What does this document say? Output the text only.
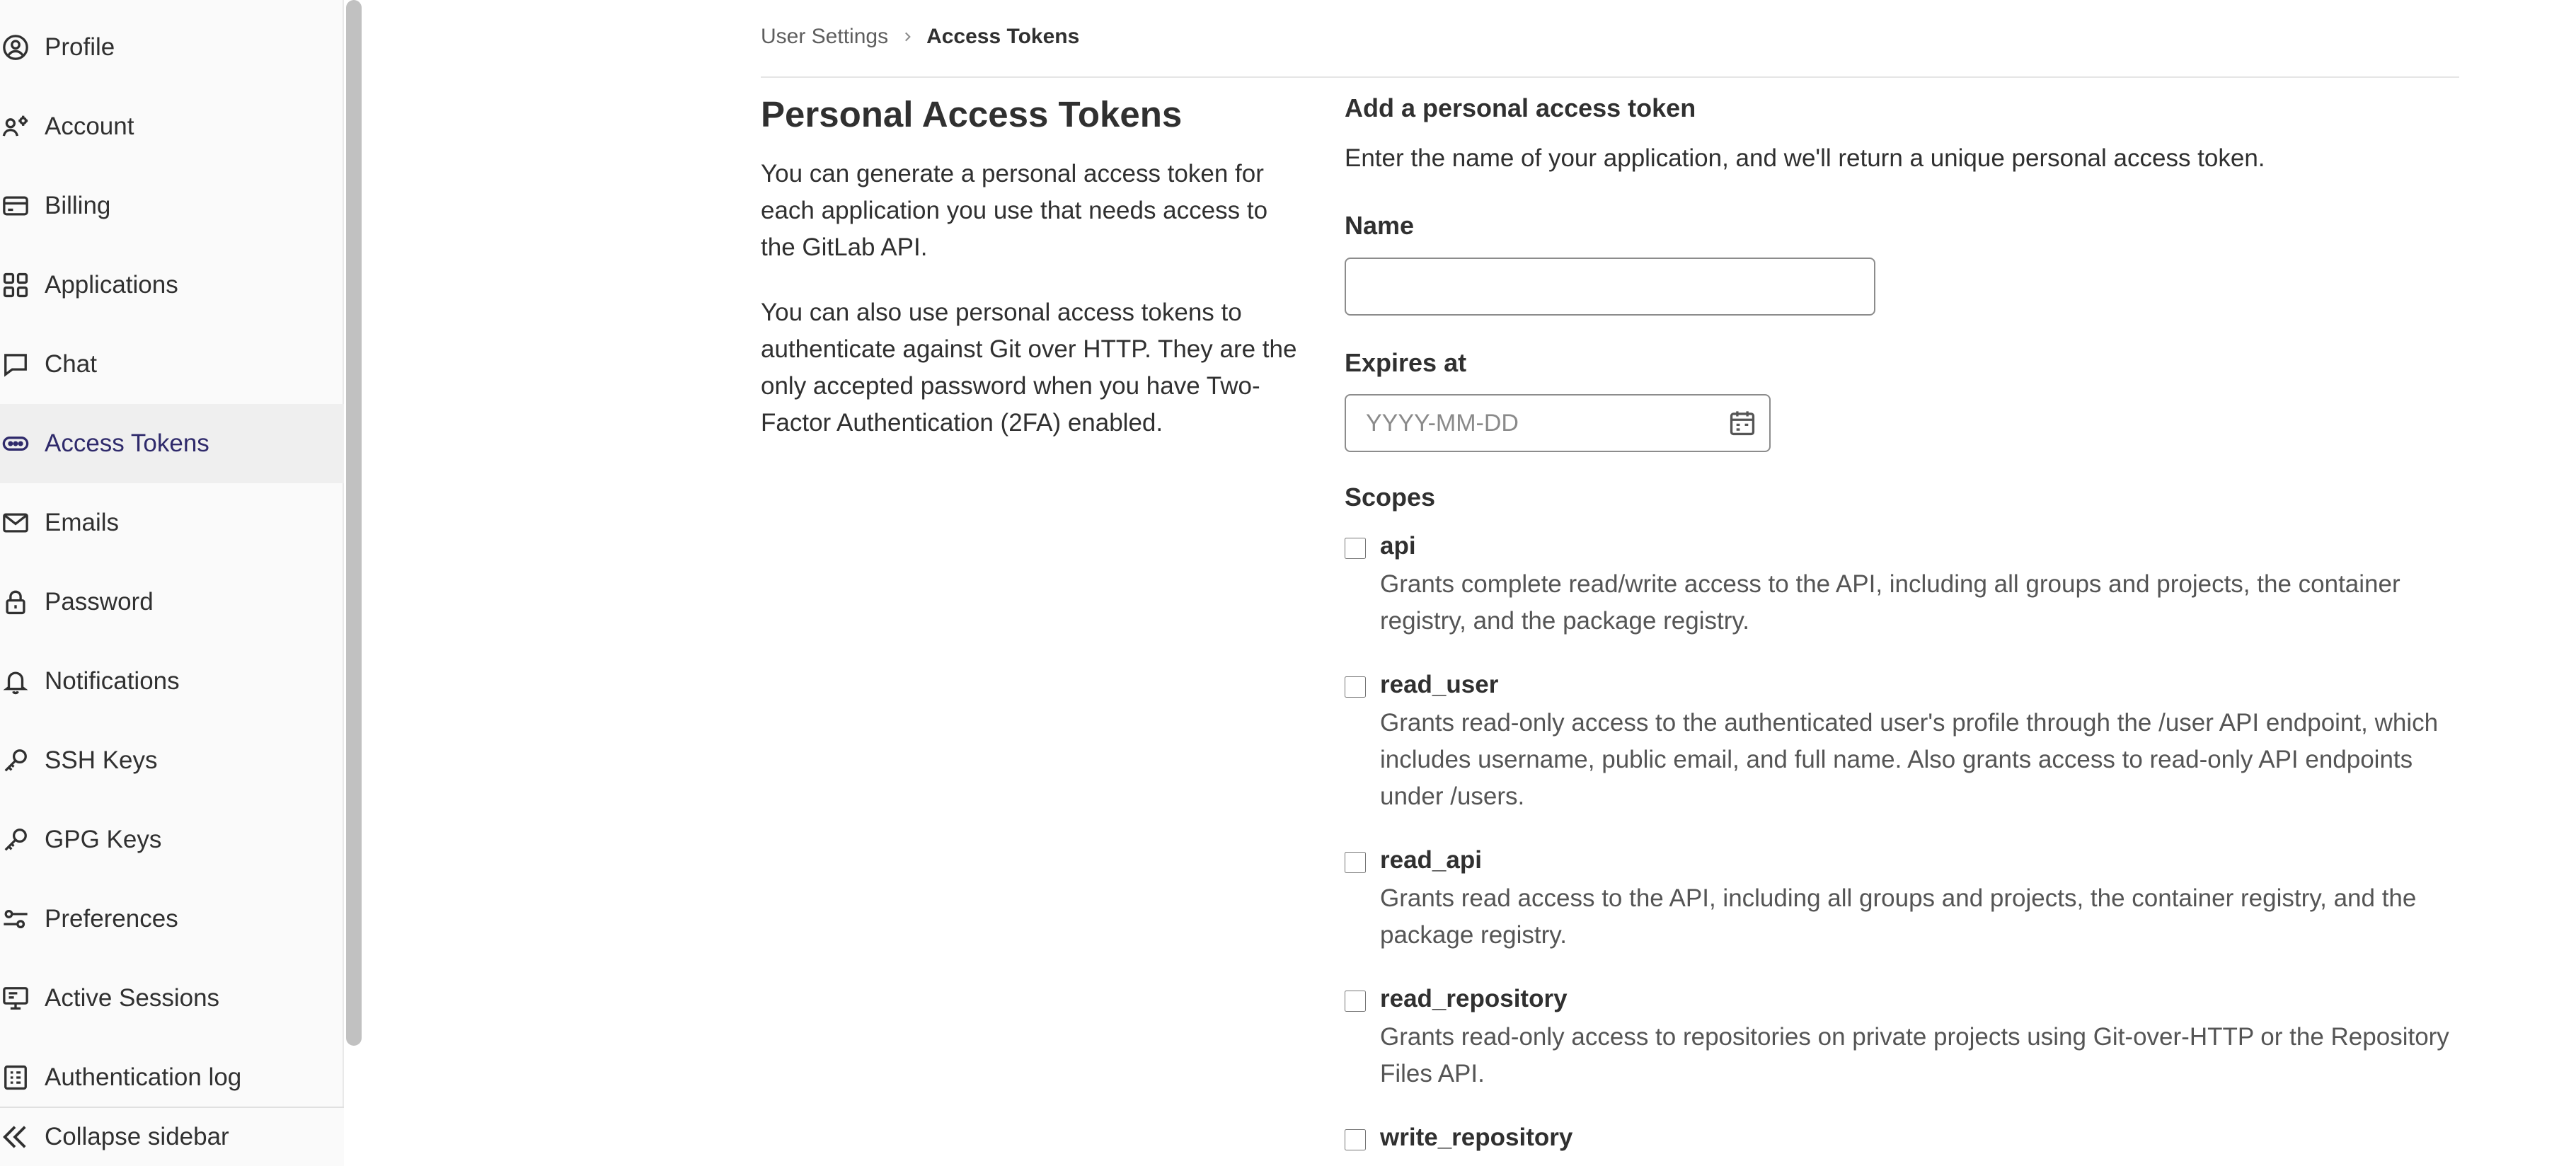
Profile
Account
Billing
Applications
Chat
Access Tokens
Emails
Password
Notifications
SSH Keys
GPG Keys
Preferences
Active Sessions
Authentication log
Collapse sidebar
User Settings Access Tokens
Personal Access Tokens

You can generate a personal access token for each application you use that needs access to the GitLab API.

You can also use personal access tokens to authenticate against Git over HTTP. They are the only accepted password when you have Two-Factor Authentication (2FA) enabled.

Add a personal access token

Enter the name of your application, and we'll return a unique personal access token.

Name
Expires at
YYYY-MM-DD
Scopes
api

Grants complete read/write access to the API, including all groups and projects, the container registry, and the package registry.

read_user

Grants read-only access to the authenticated user's profile through the /user API endpoint, which includes username, public email, and full name. Also grants access to read-only API endpoints under /users.

read_api

Grants read access to the API, including all groups and projects, the container registry, and the package registry.

read_repository

Grants read-only access to repositories on private projects using Git-over-HTTP or the Repository Files API.

write_repository
